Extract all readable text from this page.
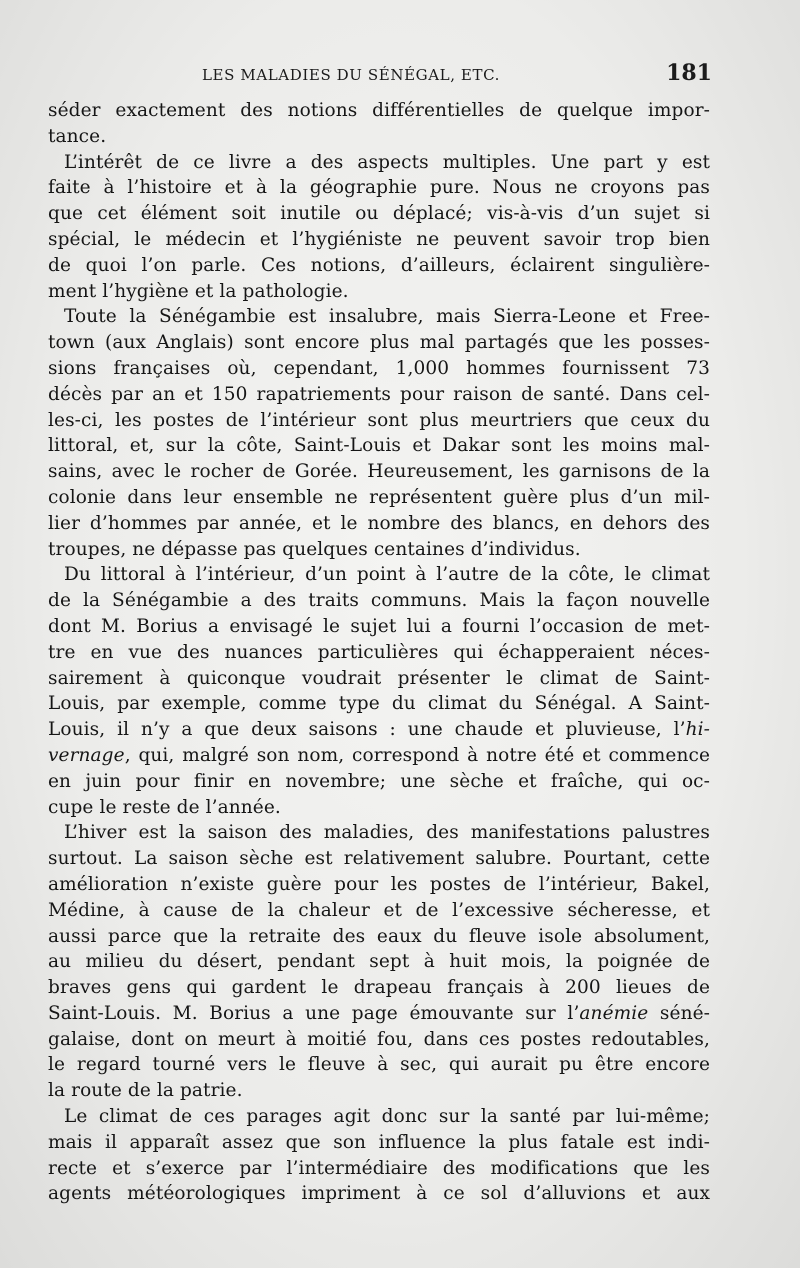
LES MALADIES DU SÉNÉGAL, ETC.	181
séder exactement des notions différentielles de quelque impor-
tance.
L’intérêt de ce livre a des aspects multiples. Une part y est
faite à l’histoire et à la géographie pure. Nous ne croyons pas
que cet élément soit inutile ou déplacé; vis-à-vis d’un sujet si
spécial, le médecin et l’hygiéniste ne peuvent savoir trop bien
de quoi l’on parle. Ces notions, d’ailleurs, éclairent singulière-
ment l’hygiène et la pathologie.
Toute la Sénégambie est insalubre, mais Sierra-Leone et Free-
town (aux Anglais) sont encore plus mal partagés que les posses-
sions françaises où, cependant, 1,000 hommes fournissent 73
décès par an et 150 rapatriements pour raison de santé. Dans cel-
les-ci, les postes de l’intérieur sont plus meurtriers que ceux du
littoral, et, sur la côte, Saint-Louis et Dakar sont les moins mal-
sains, avec le rocher de Gorée. Heureusement, les garnisons de la
colonie dans leur ensemble ne représentent guère plus d’un mil-
lier d’hommes par année, et le nombre des blancs, en dehors des
troupes, ne dépasse pas quelques centaines d’individus.
Du littoral à l’intérieur, d’un point à l’autre de la côte, le climat
de la Sénégambie a des traits communs. Mais la façon nouvelle
dont M. Borius a envisagé le sujet lui a fourni l’occasion de met-
tre en vue des nuances particulières qui échapperaient néces-
sairement à quiconque voudrait présenter le climat de Saint-
Louis, par exemple, comme type du climat du Sénégal. A Saint-
Louis, il n’y a que deux saisons : une chaude et pluvieuse, l’hi-
vernage, qui, malgré son nom, correspond à notre été et commence
en juin pour finir en novembre; une sèche et fraîche, qui oc-
cupe le reste de l’année.
L’hiver est la saison des maladies, des manifestations palustres
surtout. La saison sèche est relativement salubre. Pourtant, cette
amélioration n’existe guère pour les postes de l’intérieur, Bakel,
Médine, à cause de la chaleur et de l’excessive sécheresse, et
aussi parce que la retraite des eaux du fleuve isole absolument,
au milieu du désert, pendant sept à huit mois, la poignée de
braves gens qui gardent le drapeau français à 200 lieues de
Saint-Louis. M. Borius a une page émouvante sur l’anémie séné-
galaise, dont on meurt à moitié fou, dans ces postes redoutables,
le regard tourné vers le fleuve à sec, qui aurait pu être encore
la route de la patrie.
Le climat de ces parages agit donc sur la santé par lui-même;
mais il apparaît assez que son influence la plus fatale est indi-
recte et s’exerce par l’intermédiaire des modifications que les
agents météorologiques impriment à ce sol d’alluvions et aux
